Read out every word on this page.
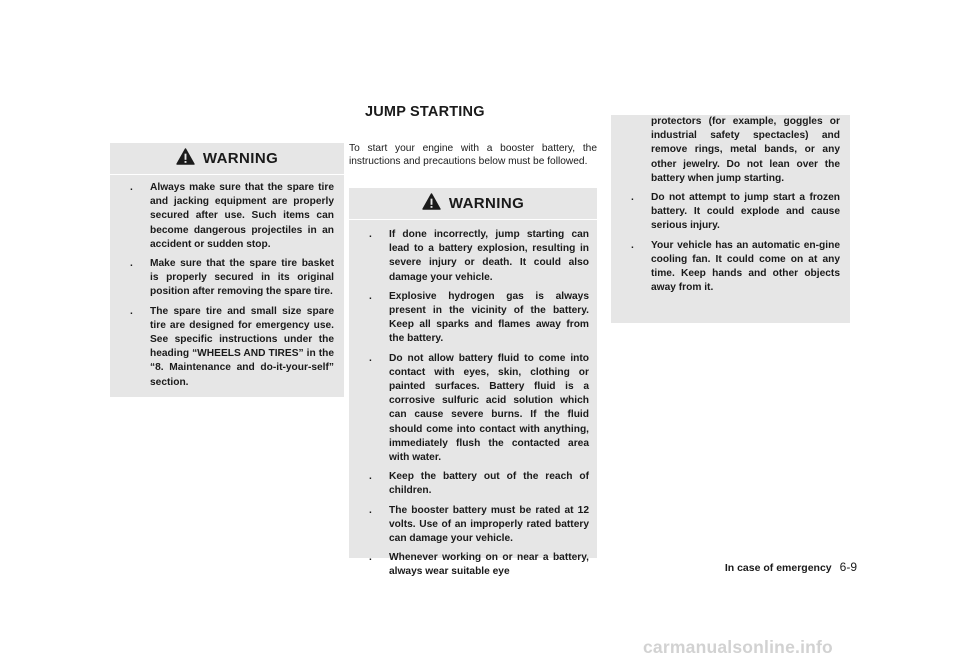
JUMP STARTING
WARNING
. Always make sure that the spare tire and jacking equipment are properly secured after use. Such items can become dangerous projectiles in an accident or sudden stop.
. Make sure that the spare tire basket is properly secured in its original position after removing the spare tire.
. The spare tire and small size spare tire are designed for emergency use. See specific instructions under the heading “WHEELS AND TIRES” in the “8. Maintenance and do-it-your-self” section.

To start your engine with a booster battery, the instructions and precautions below must be followed.

WARNING
. If done incorrectly, jump starting can lead to a battery explosion, resulting in severe injury or death. It could also damage your vehicle.
. Explosive hydrogen gas is always present in the vicinity of the battery. Keep all sparks and flames away from the battery.
. Do not allow battery fluid to come into contact with eyes, skin, clothing or painted surfaces. Battery fluid is a corrosive sulfuric acid solution which can cause severe burns. If the fluid should come into contact with anything, immediately flush the contacted area with water.
. Keep the battery out of the reach of children.
. The booster battery must be rated at 12 volts. Use of an improperly rated battery can damage your vehicle.
. Whenever working on or near a battery, always wear suitable eye
protectors (for example, goggles or industrial safety spectacles) and remove rings, metal bands, or any other jewelry. Do not lean over the battery when jump starting.
. Do not attempt to jump start a frozen battery. It could explode and cause serious injury.
. Your vehicle has an automatic en-gine cooling fan. It could come on at any time. Keep hands and other objects away from it.
In case of emergency 6-9
carmanualsonline.info
